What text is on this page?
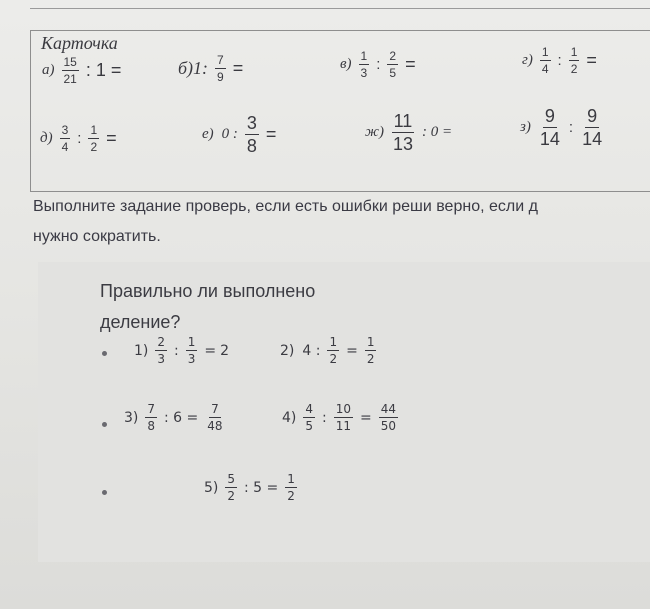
Карточка
$а) \frac{15}{21}$ : 1 =	б)1: $\frac{7}{9}$ =	$в) \frac{1}{3}$ : $\frac{2}{5}$ =	$г) \frac{1}{4}$ : $\frac{1}{2}$ =
$д) \frac{3}{4}$ : $\frac{1}{2}$ =	е) 0 : $\frac{3}{8}$ =	$ж) \frac{11}{13}$ : 0 =	$з) \frac{9}{14}$ : $\frac{9}{14}$
Выполните задание проверь, если есть ошибки реши верно, если д
нужно сократить.
Правильно ли выполнено
деление?
$1) \frac{2}{3}$ : $\frac{1}{3} = 2$	2) 4 : $\frac{1}{2} = \frac{1}{2}$
$3) \frac{7}{8}$ : $6 = \frac{7}{48}$	$4) \frac{4}{5}$ : $\frac{10}{11} = \frac{44}{50}$
$5) \frac{5}{2}$ : $5 = \frac{1}{2}$
